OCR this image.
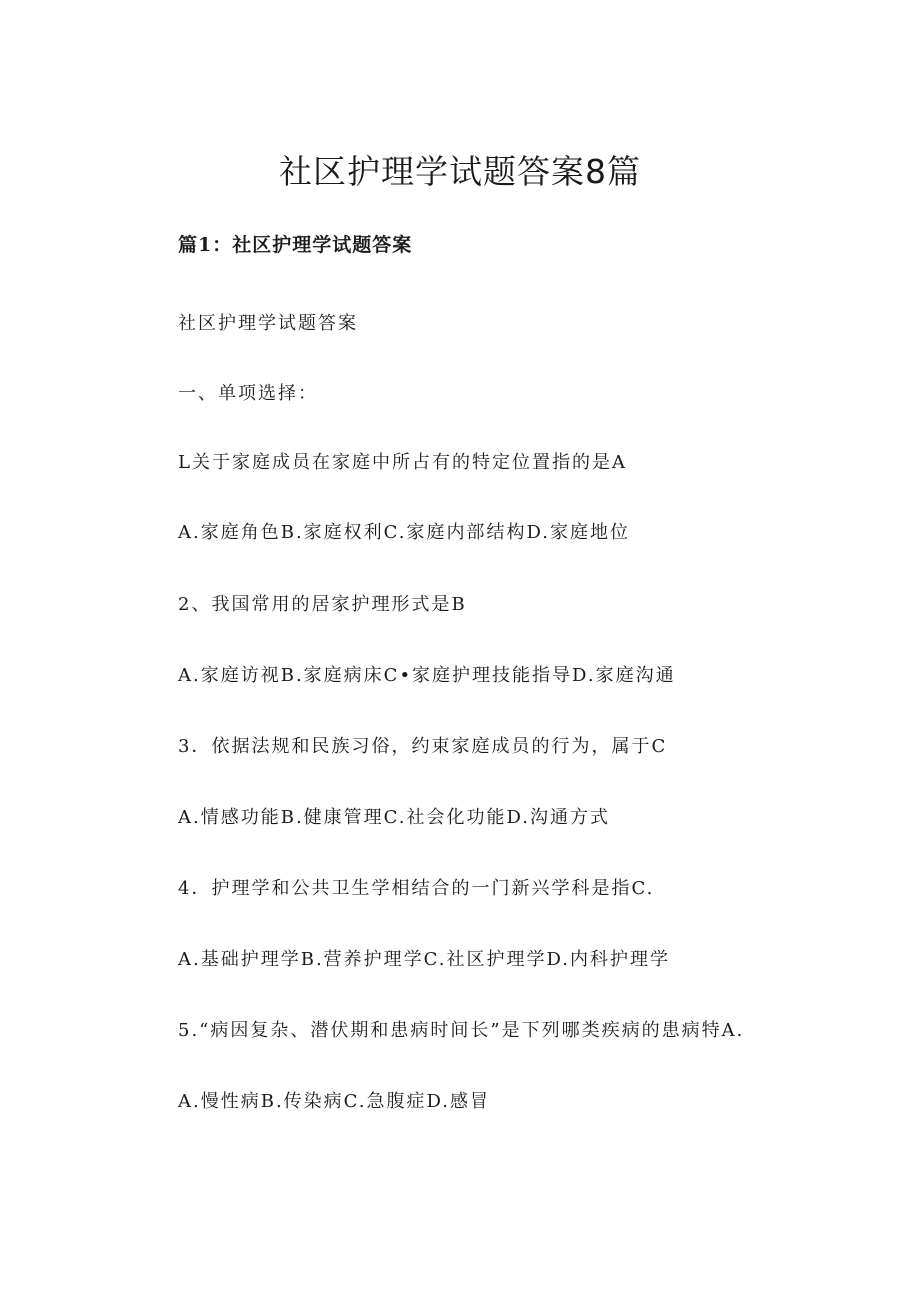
社区护理学试题答案8篇
篇1：社区护理学试题答案
社区护理学试题答案
一、单项选择：
L关于家庭成员在家庭中所占有的特定位置指的是A
A.家庭角色B.家庭权利C.家庭内部结构D.家庭地位
2、我国常用的居家护理形式是B
A.家庭访视B.家庭病床C•家庭护理技能指导D.家庭沟通
3．依据法规和民族习俗，约束家庭成员的行为，属于C
A.情感功能B.健康管理C.社会化功能D.沟通方式
4．护理学和公共卫生学相结合的一门新兴学科是指C.
A.基础护理学B.营养护理学C.社区护理学D.内科护理学
5.“病因复杂、潜伏期和患病时间长”是下列哪类疾病的患病特A.
A.慢性病B.传染病C.急腹症D.感冒
